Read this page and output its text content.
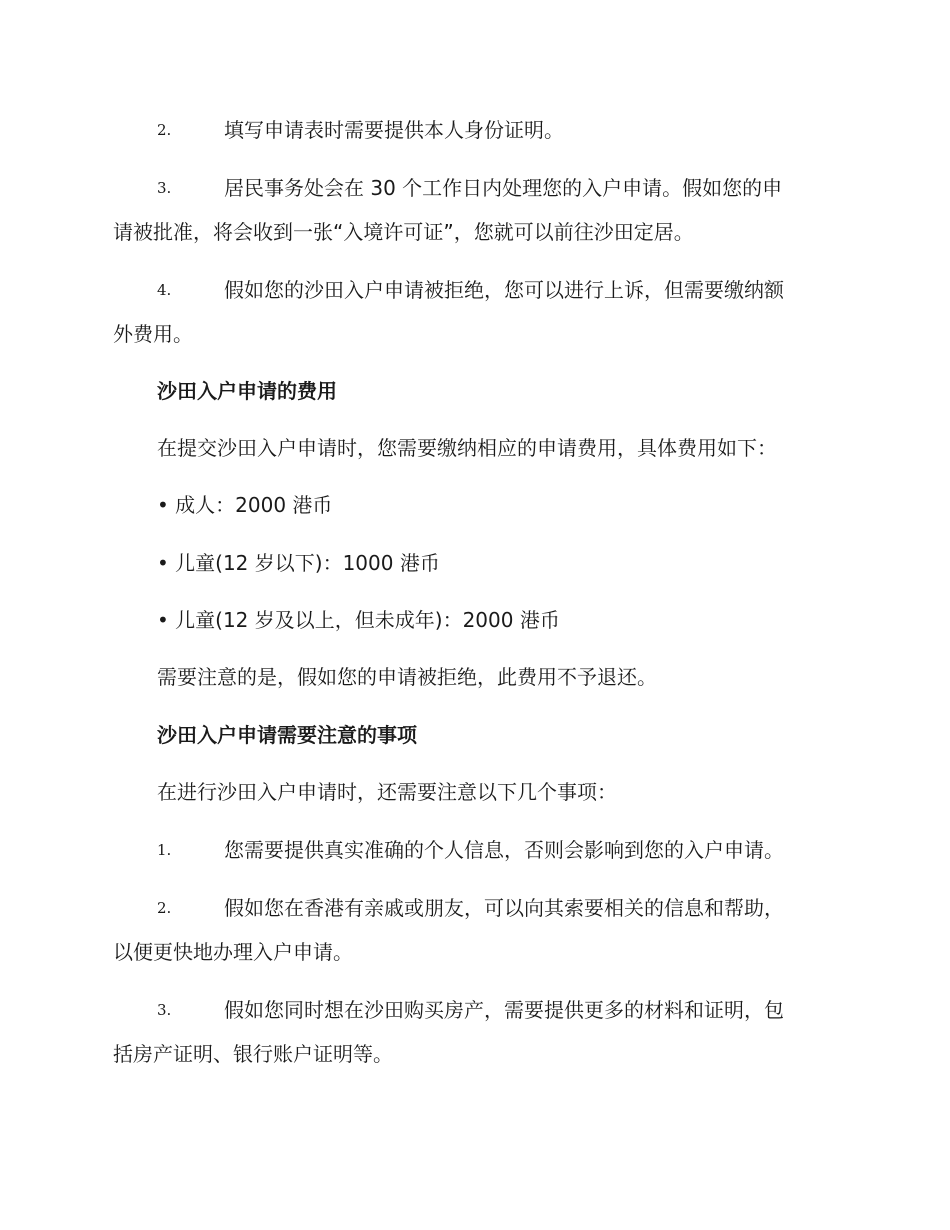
2.	填写申请表时需要提供本人身份证明。
3.	居民事务处会在 30 个工作日内处理您的入户申请。假如您的申
请被批准，将会收到一张“入境许可证”，您就可以前往沙田定居。
4.	假如您的沙田入户申请被拒绝，您可以进行上诉，但需要缴纳额
外费用。
沙田入户申请的费用
在提交沙田入户申请时，您需要缴纳相应的申请费用，具体费用如下：
• 成人：2000 港币
• 儿童(12 岁以下)：1000 港币
• 儿童(12 岁及以上，但未成年)：2000 港币
需要注意的是，假如您的申请被拒绝，此费用不予退还。
沙田入户申请需要注意的事项
在进行沙田入户申请时，还需要注意以下几个事项：
1.	您需要提供真实准确的个人信息，否则会影响到您的入户申请。
2.	假如您在香港有亲戚或朋友，可以向其索要相关的信息和帮助，
以便更快地办理入户申请。
3.	假如您同时想在沙田购买房产，需要提供更多的材料和证明，包
括房产证明、银行账户证明等。
